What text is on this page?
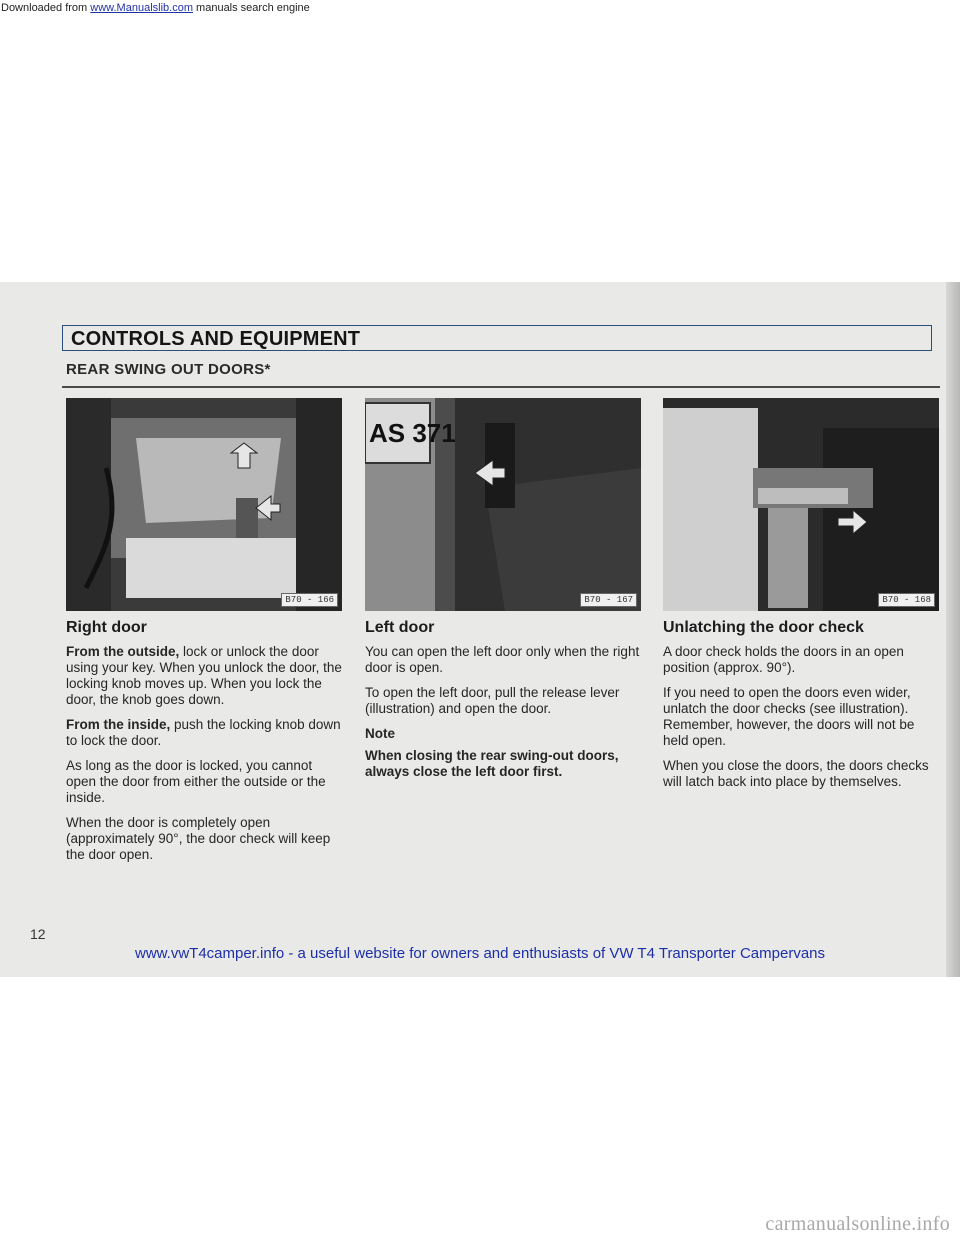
Downloaded from www.Manualslib.com manuals search engine
CONTROLS AND EQUIPMENT
REAR SWING OUT DOORS*
B70 - 166
AS 371
B70 - 167	B70 - 168
Right door

From the outside, lock or unlock the door using your key. When you unlock the door, the locking knob moves up. When you lock the door, the knob goes down.

From the inside, push the locking knob down to lock the door.

As long as the door is locked, you cannot open the door from either the outside or the inside.

When the door is completely open (approximately 90°, the door check will keep the door open.

Left door

You can open the left door only when the right door is open.

To open the left door, pull the release lever (illustration) and open the door.

Note

When closing the rear swing-out doors, always close the left door first.

Unlatching the door check

A door check holds the doors in an open position (approx. 90°).

If you need to open the doors even wider, unlatch the door checks (see illustration). Remember, however, the doors will not be held open.

When you close the doors, the doors checks will latch back into place by themselves.

12
www.vwT4camper.info - a useful website for owners and enthusiasts of VW T4 Transporter Campervans
carmanualsonline.info
